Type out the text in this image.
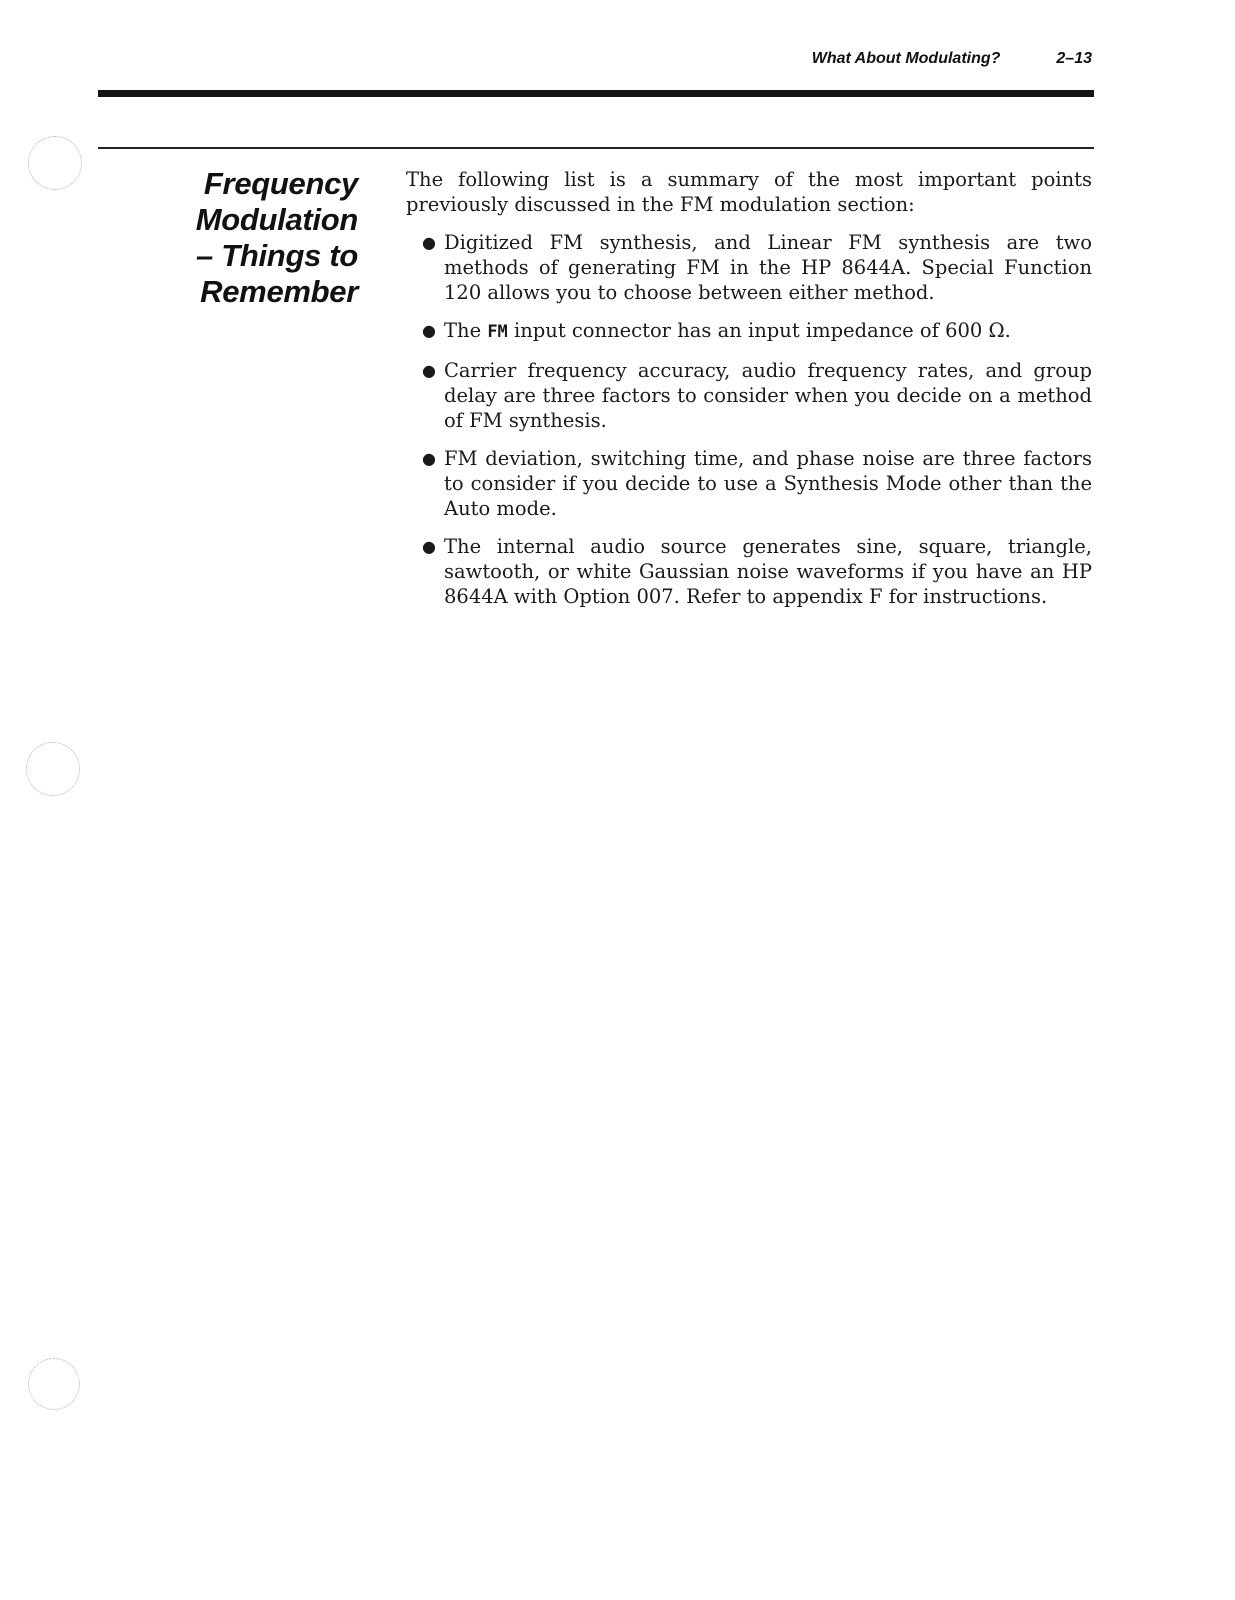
What About Modulating?	2–13
Frequency
Modulation
– Things to
Remember

The following list is a summary of the most important points previously discussed in the FM modulation section:

● Digitized FM synthesis, and Linear FM synthesis are two methods of generating FM in the HP 8644A. Special Function 120 allows you to choose between either method.
● The FM input connector has an input impedance of 600 Ω.
● Carrier frequency accuracy, audio frequency rates, and group delay are three factors to consider when you decide on a method of FM synthesis.
● FM deviation, switching time, and phase noise are three factors to consider if you decide to use a Synthesis Mode other than the Auto mode.
● The internal audio source generates sine, square, triangle, sawtooth, or white Gaussian noise waveforms if you have an HP 8644A with Option 007. Refer to appendix F for instructions.
